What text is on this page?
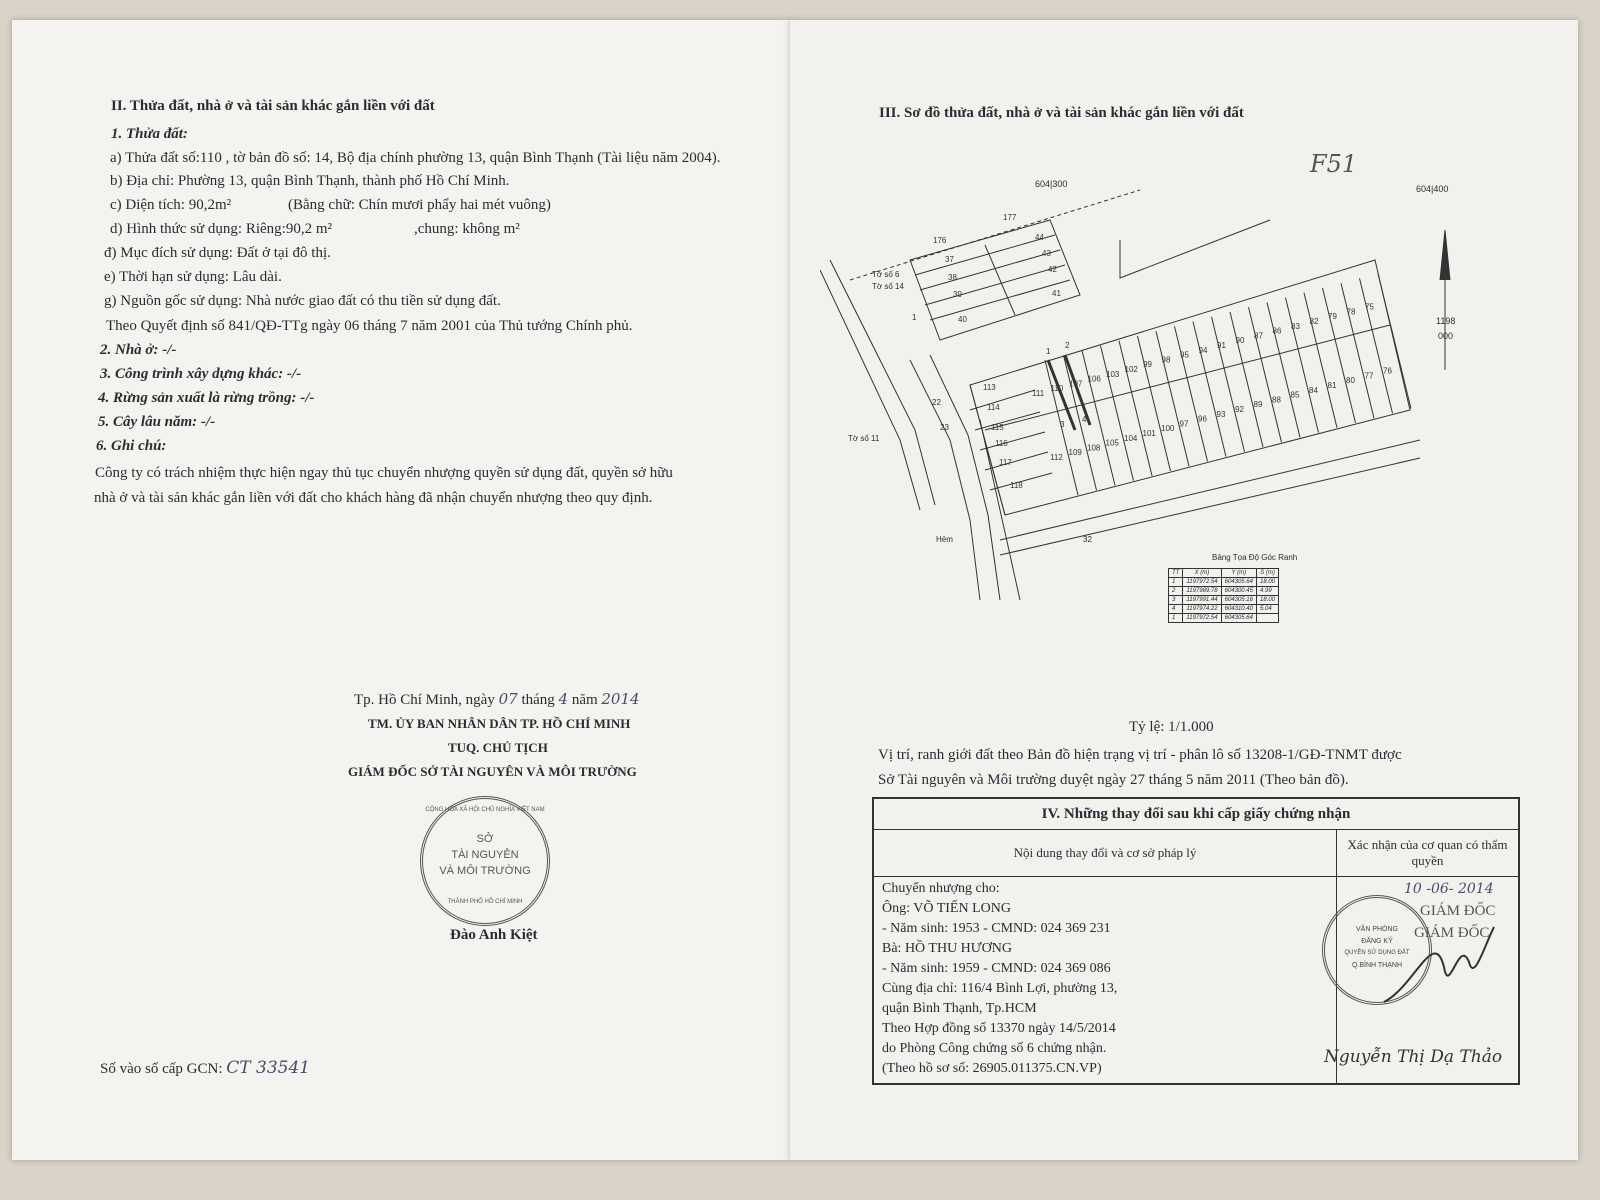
II. Thửa đất, nhà ở và tài sản khác gắn liền với đất
1. Thửa đất:
a) Thửa đất số:110 , tờ bản đồ số: 14, Bộ địa chính phường 13, quận Bình Thạnh (Tài liệu năm 2004).
b) Địa chỉ: Phường 13, quận Bình Thạnh, thành phố Hồ Chí Minh.
c) Diện tích: 90,2m²	(Bằng chữ: Chín mươi phẩy hai mét vuông)
d) Hình thức sử dụng: Riêng:90,2 m²	,chung: không m²
đ) Mục đích sử dụng: Đất ở tại đô thị.
e) Thời hạn sử dụng: Lâu dài.
g) Nguồn gốc sử dụng: Nhà nước giao đất có thu tiền sử dụng đất.
Theo Quyết định số 841/QĐ-TTg ngày 06 tháng 7 năm 2001 của Thủ tướng Chính phủ.
2. Nhà ở: -/-
3. Công trình xây dựng khác: -/-
4. Rừng sản xuất là rừng trồng: -/-
5. Cây lâu năm: -/-
6. Ghi chú:
Công ty có trách nhiệm thực hiện ngay thủ tục chuyển nhượng quyền sử dụng đất, quyền sở hữu
nhà ở và tài sản khác gắn liền với đất cho khách hàng đã nhận chuyển nhượng theo quy định.
Tp. Hồ Chí Minh, ngày 07 tháng 4 năm 2014
TM. ỦY BAN NHÂN DÂN TP. HỒ CHÍ MINH
TUQ. CHỦ TỊCH
GIÁM ĐỐC SỞ TÀI NGUYÊN VÀ MÔI TRƯỜNG
CỘNG HÒA XÃ HỘI CHỦ NGHĨA VIỆT NAM
SỞ
TÀI NGUYÊN
VÀ MÔI TRƯỜNG
THÀNH PHỐ HỒ CHÍ MINH
Đào Anh Kiệt
Số vào sổ cấp GCN: CT 33541
III. Sơ đồ thửa đất, nhà ở và tài sản khác gắn liền với đất
F51
177
176	44
37
43
38
42
39	41
40
1
111
110
107
106
103
102
99
98
95
94
91
90
87
86
83
82
79
78
75
112
109
108
105
104
101
100
97
96
93
92
89
88
85
84
81
80
77
76
113
114
115
116
117
118
22
23
1
2
3
4
604|300	604|400
1198
000
Tờ số 6
Tờ số 14
Tờ số 11
Hẻm	32
Bảng Tọa Độ Góc Ranh
TT	X (m)	Y (m)	S (m)
1	1197972.54	604305.64	18.00
2	1197989.78	604300.45	4.99
3	1197991.44	604305.16	18.00
4	1197974.22	604310.40	5.04
1	1197972.54	604305.64	
Tỷ lệ: 1/1.000
Vị trí, ranh giới đất theo Bản đồ hiện trạng vị trí - phân lô số 13208-1/GĐ-TNMT được
Sở Tài nguyên và Môi trường duyệt ngày 27 tháng 5 năm 2011 (Theo bản đồ).
IV. Những thay đổi sau khi cấp giấy chứng nhận
Nội dung thay đổi và cơ sở pháp lý
Xác nhận của cơ quan có thẩm quyền
10 -06- 2014
GIÁM ĐỐC
GIÁM ĐỐC
VĂN PHÒNG
ĐĂNG KÝ
QUYỀN SỬ DỤNG ĐẤT
Q.BÌNH THẠNH
Nguyễn Thị Dạ Thảo
Chuyển nhượng cho:
Ông: VÕ TIẾN LONG
- Năm sinh: 1953 - CMND: 024 369 231
Bà: HỒ THU HƯƠNG
- Năm sinh: 1959 - CMND: 024 369 086
Cùng địa chỉ: 116/4 Bình Lợi, phường 13,
quận Bình Thạnh, Tp.HCM
Theo Hợp đồng số 13370 ngày 14/5/2014
do Phòng Công chứng số 6 chứng nhận.
(Theo hồ sơ số: 26905.011375.CN.VP)
